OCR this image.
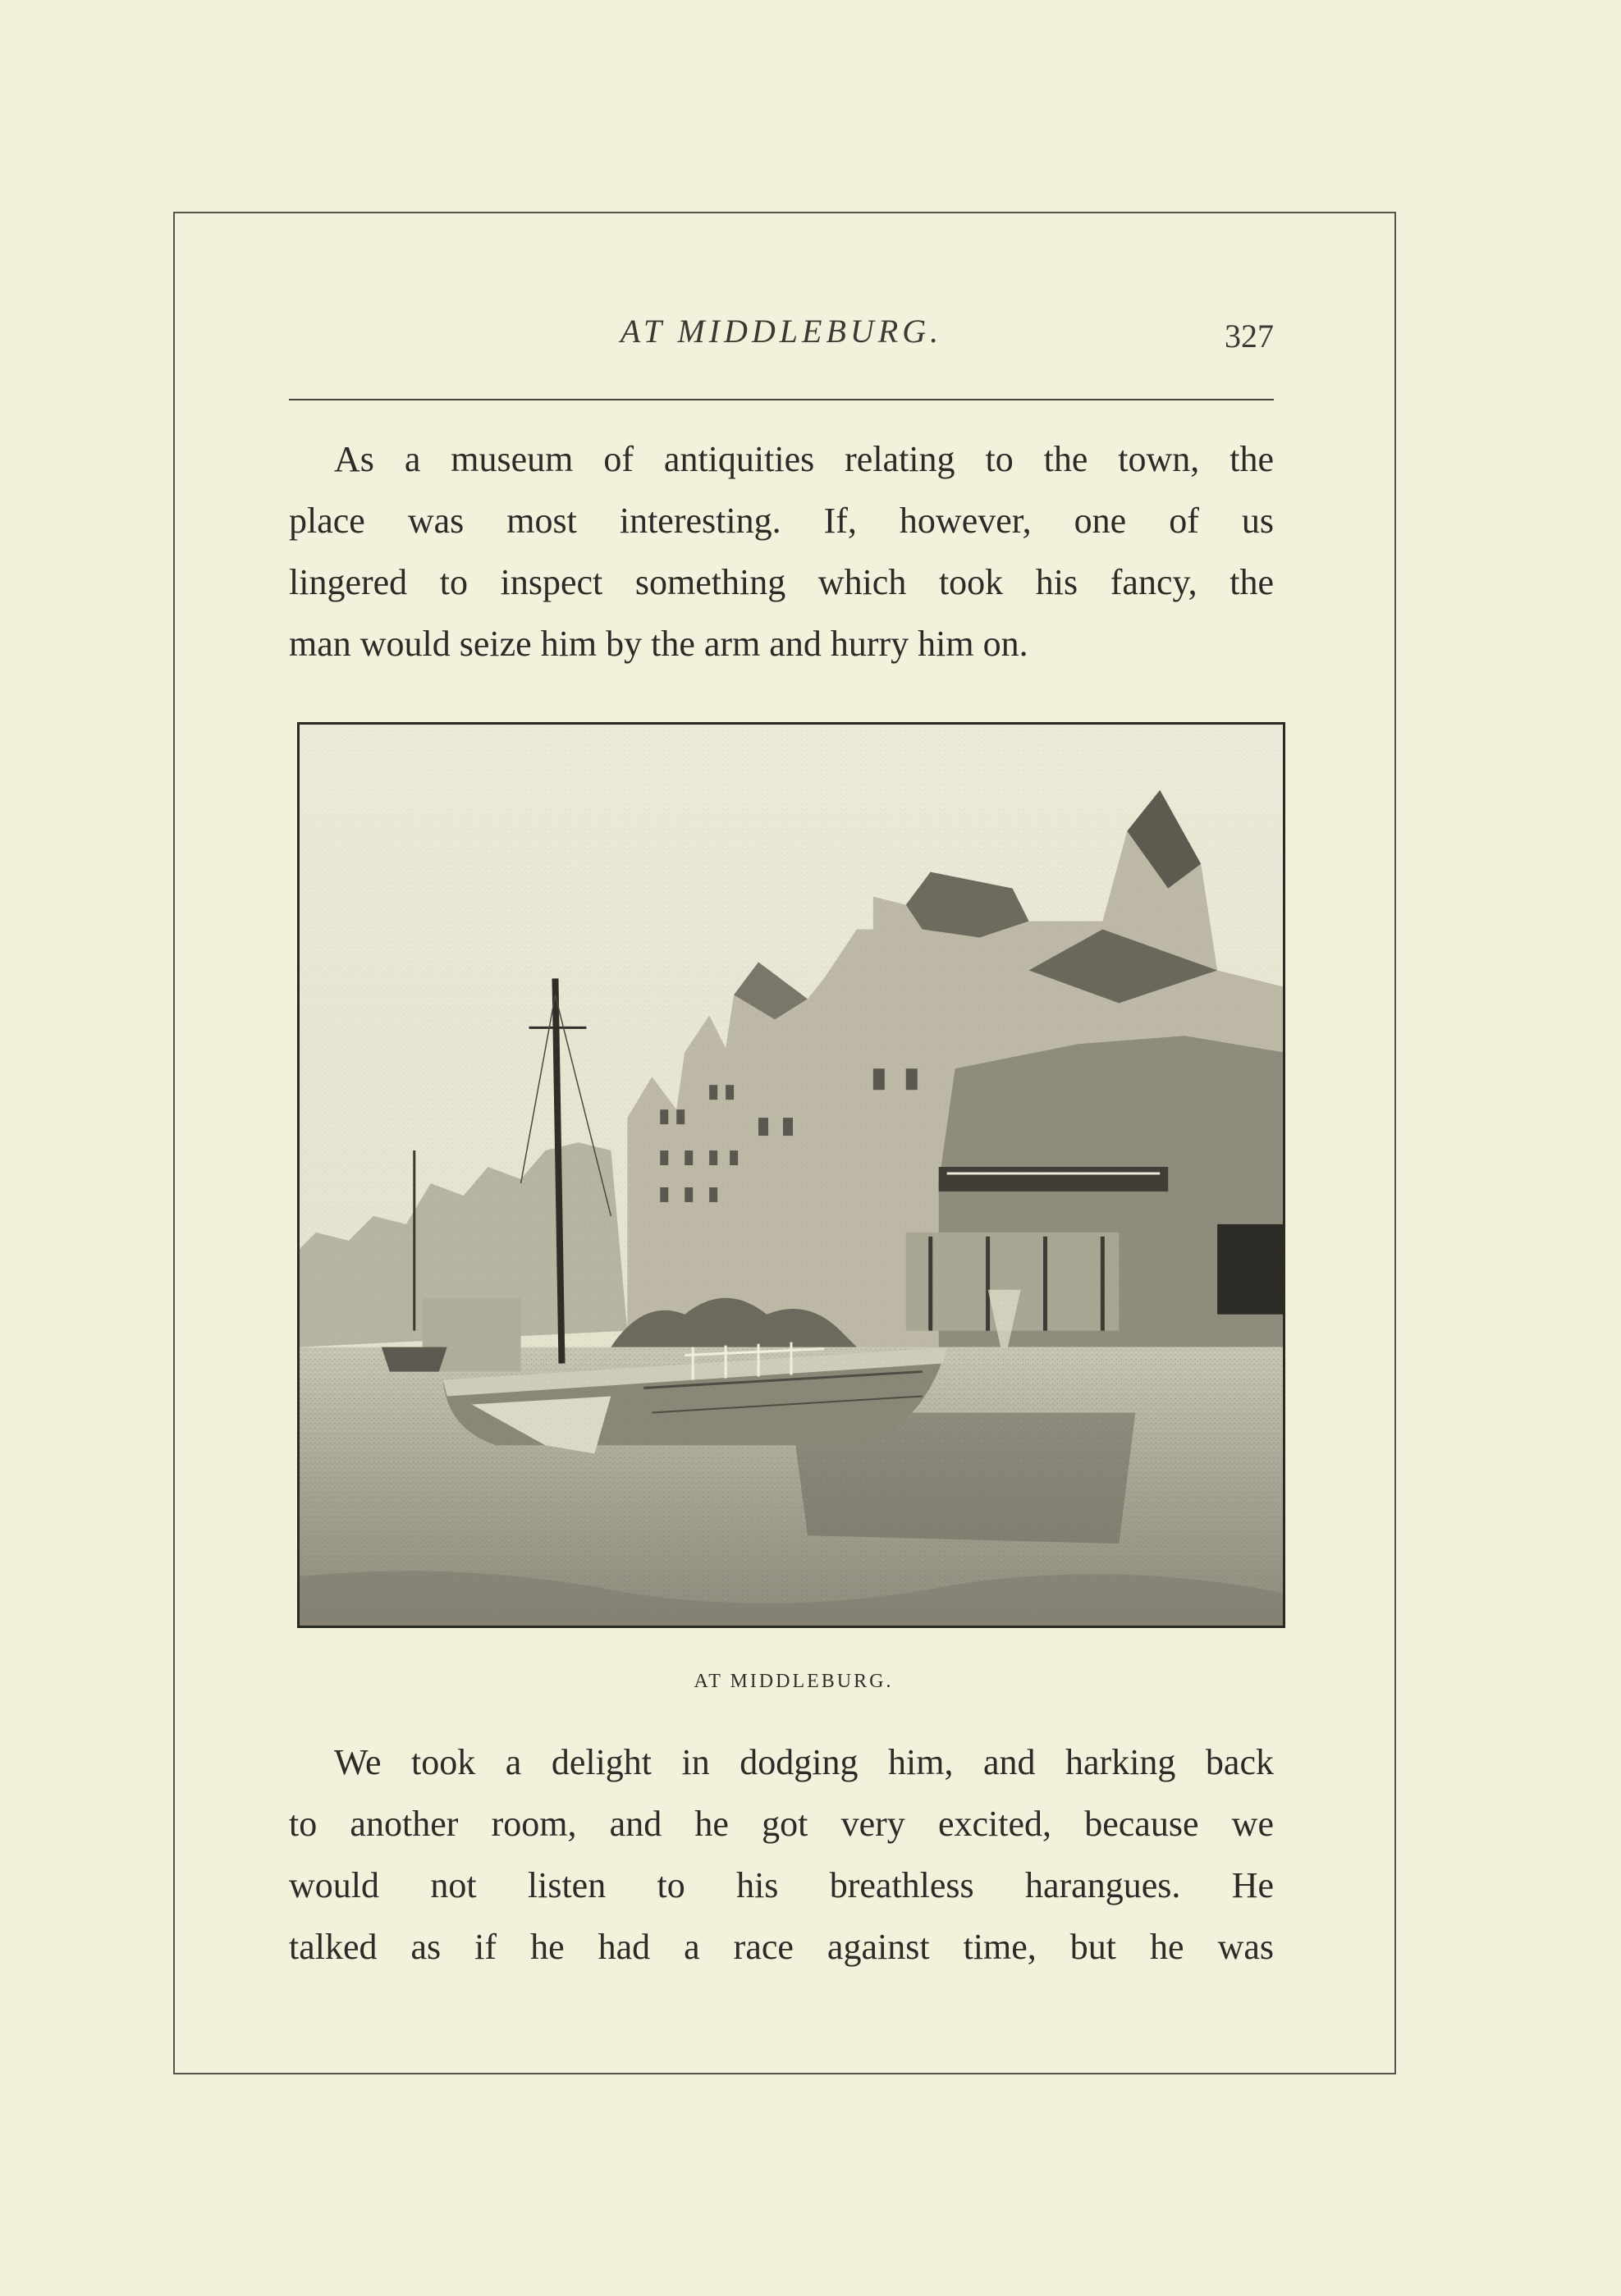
AT MIDDLEBURG.	327
As a museum of antiquities relating to the town, the
place was most interesting. If, however, one of us
lingered to inspect something which took his fancy, the
man would seize him by the arm and hurry him on.
AT MIDDLEBURG.
We took a delight in dodging him, and harking back
to another room, and he got very excited, because we
would not listen to his breathless harangues. He
talked as if he had a race against time, but he was
